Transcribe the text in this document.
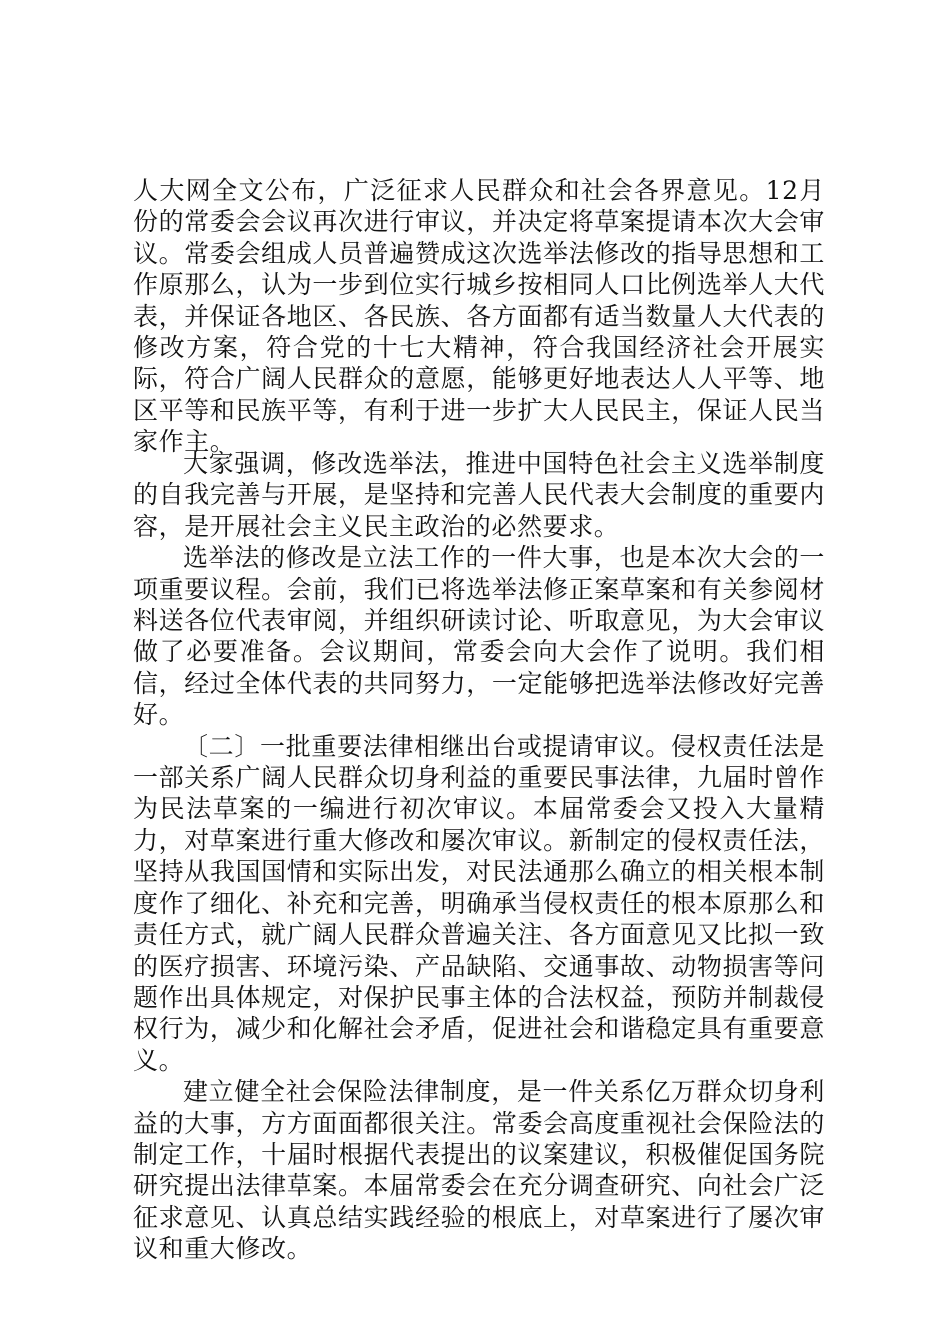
人大网全文公布，广泛征求人民群众和社会各界意见。12月份的常委会会议再次进行审议，并决定将草案提请本次大会审议。常委会组成人员普遍赞成这次选举法修改的指导思想和工作原那么，认为一步到位实行城乡按相同人口比例选举人大代表，并保证各地区、各民族、各方面都有适当数量人大代表的修改方案，符合党的十七大精神，符合我国经济社会开展实际，符合广阔人民群众的意愿，能够更好地表达人人平等、地区平等和民族平等，有利于进一步扩大人民民主，保证人民当家作主。

大家强调，修改选举法，推进中国特色社会主义选举制度的自我完善与开展，是坚持和完善人民代表大会制度的重要内容，是开展社会主义民主政治的必然要求。

选举法的修改是立法工作的一件大事，也是本次大会的一项重要议程。会前，我们已将选举法修正案草案和有关参阅材料送各位代表审阅，并组织研读讨论、听取意见，为大会审议做了必要准备。会议期间，常委会向大会作了说明。我们相信，经过全体代表的共同努力，一定能够把选举法修改好完善好。

〔二〕一批重要法律相继出台或提请审议。侵权责任法是一部关系广阔人民群众切身利益的重要民事法律，九届时曾作为民法草案的一编进行初次审议。本届常委会又投入大量精力，对草案进行重大修改和屡次审议。新制定的侵权责任法，坚持从我国国情和实际出发，对民法通那么确立的相关根本制度作了细化、补充和完善，明确承当侵权责任的根本原那么和责任方式，就广阔人民群众普遍关注、各方面意见又比拟一致的医疗损害、环境污染、产品缺陷、交通事故、动物损害等问题作出具体规定，对保护民事主体的合法权益，预防并制裁侵权行为，减少和化解社会矛盾，促进社会和谐稳定具有重要意义。

建立健全社会保险法律制度，是一件关系亿万群众切身利益的大事，方方面面都很关注。常委会高度重视社会保险法的制定工作，十届时根据代表提出的议案建议，积极催促国务院研究提出法律草案。本届常委会在充分调查研究、向社会广泛征求意见、认真总结实践经验的根底上，对草案进行了屡次审议和重大修改。
